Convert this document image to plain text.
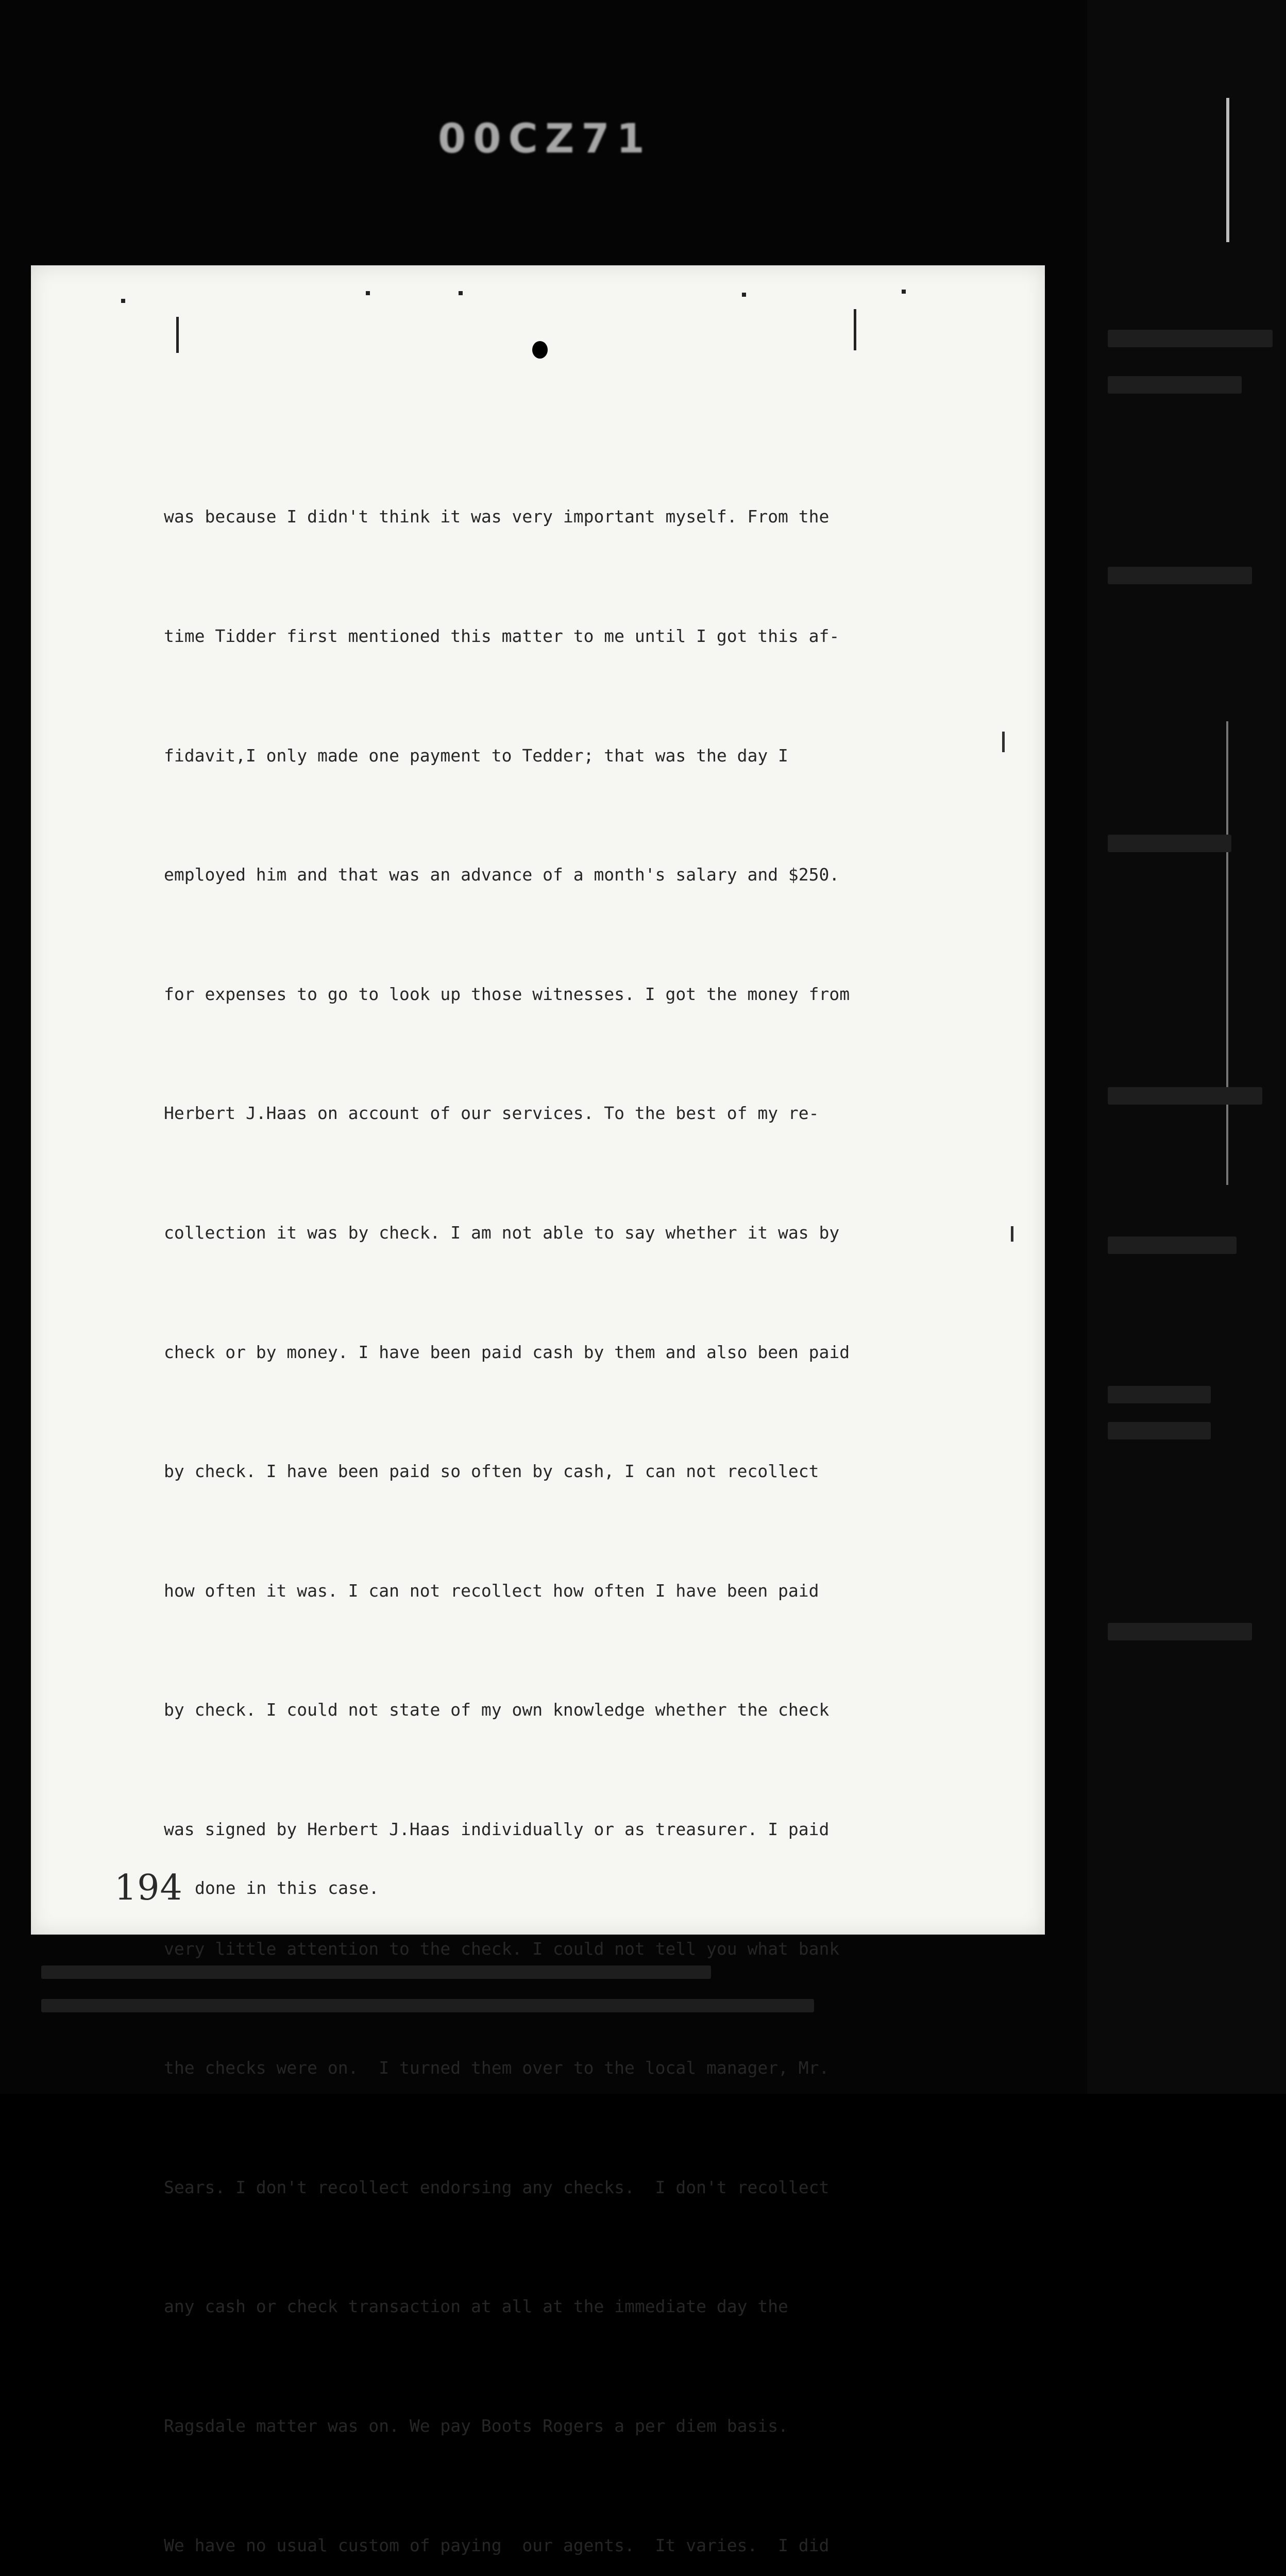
00CZ71

was because I didn't think it was very important myself. From the

time Tidder first mentioned this matter to me until I got this af-

fidavit,I only made one payment to Tedder; that was the day I

employed him and that was an advance of a month's salary and $250.

for expenses to go to look up those witnesses. I got the money from

Herbert J.Haas on account of our services. To the best of my re-

collection it was by check. I am not able to say whether it was by

check or by money. I have been paid cash by them and also been paid

by check. I have been paid so often by cash, I can not recollect

how often it was. I can not recollect how often I have been paid

by check. I could not state of my own knowledge whether the check

was signed by Herbert J.Haas individually or as treasurer. I paid

very little attention to the check. I could not tell you what bank

the checks were on.  I turned them over to the local manager, Mr.

Sears. I don't recollect endorsing any checks.  I don't recollect

any cash or check transaction at all at the immediate day the

Ragsdale matter was on. We pay Boots Rogers a per diem basis.

We have no usual custom of paying  our agents.  It varies.  I did

done in this case.
194
